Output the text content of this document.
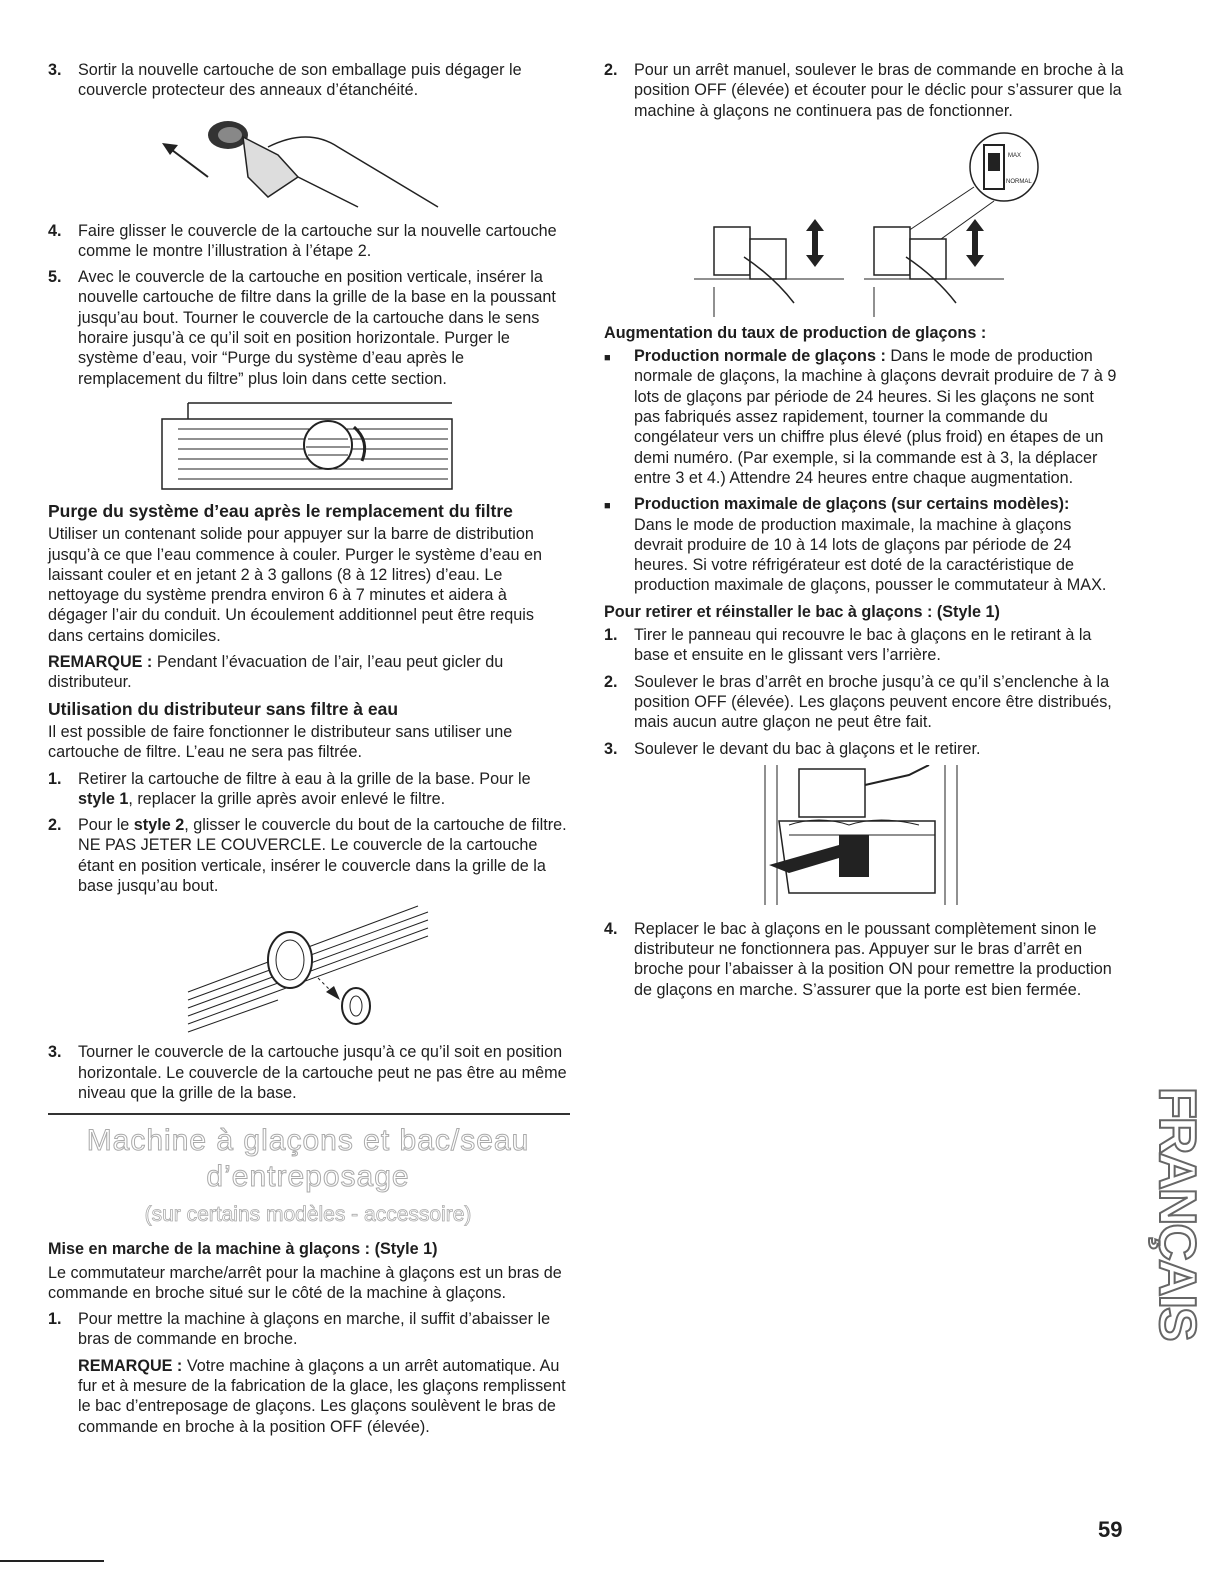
3.	Sortir la nouvelle cartouche de son emballage puis dégager le couvercle protecteur des anneaux d’étanchéité.
4.	Faire glisser le couvercle de la cartouche sur la nouvelle cartouche comme le montre l’illustration à l’étape 2.
5.	Avec le couvercle de la cartouche en position verticale, insérer la nouvelle cartouche de filtre dans la grille de la base en la poussant jusqu’au bout. Tourner le couvercle de la cartouche dans le sens horaire jusqu’à ce qu’il soit en position horizontale. Purger le système d’eau, voir “Purge du système d’eau après le remplacement du filtre” plus loin dans cette section.
Purge du système d’eau après le remplacement du filtre

Utiliser un contenant solide pour appuyer sur la barre de distribution jusqu’à ce que l’eau commence à couler. Purger le système d’eau en laissant couler et en jetant 2 à 3 gallons (8 à 12 litres) d’eau. Le nettoyage du système prendra environ 6 à 7 minutes et aidera à dégager l’air du conduit. Un écoulement additionnel peut être requis dans certains domiciles.

REMARQUE : Pendant l’évacuation de l’air, l’eau peut gicler du distributeur.

Utilisation du distributeur sans filtre à eau

Il est possible de faire fonctionner le distributeur sans utiliser une cartouche de filtre. L’eau ne sera pas filtrée.

1.	Retirer la cartouche de filtre à eau à la grille de la base. Pour le style 1, replacer la grille après avoir enlevé le filtre.
2.	Pour le style 2, glisser le couvercle du bout de la cartouche de filtre. NE PAS JETER LE COUVERCLE. Le couvercle de la cartouche étant en position verticale, insérer le couvercle dans la grille de la base jusqu’au bout.
3.	Tourner le couvercle de la cartouche jusqu’à ce qu’il soit en position horizontale. Le couvercle de la cartouche peut ne pas être au même niveau que la grille de la base.
Machine à glaçons et bac/seau
d’entreposage
(sur certains modèles - accessoire)
Mise en marche de la machine à glaçons : (Style 1)

Le commutateur marche/arrêt pour la machine à glaçons est un bras de commande en broche situé sur le côté de la machine à glaçons.

1.	Pour mettre la machine à glaçons en marche, il suffit d’abaisser le bras de commande en broche.
REMARQUE : Votre machine à glaçons a un arrêt automatique. Au fur et à mesure de la fabrication de la glace, les glaçons remplissent le bac d’entreposage de glaçons. Les glaçons soulèvent le bras de commande en broche à la position OFF (élevée).
2.	Pour un arrêt manuel, soulever le bras de commande en broche à la position OFF (élevée) et écouter pour le déclic pour s’assurer que la machine à glaçons ne continuera pas de fonctionner.
MAX
NORMAL
Augmentation du taux de production de glaçons :
■	Production normale de glaçons : Dans le mode de production normale de glaçons, la machine à glaçons devrait produire de 7 à 9 lots de glaçons par période de 24 heures. Si les glaçons ne sont pas fabriqués assez rapidement, tourner la commande du congélateur vers un chiffre plus élevé (plus froid) en étapes de un demi numéro. (Par exemple, si la commande est à 3, la déplacer entre 3 et 4.) Attendre 24 heures entre chaque augmentation.
■	Production maximale de glaçons (sur certains modèles):
Dans le mode de production maximale, la machine à glaçons devrait produire de 10 à 14 lots de glaçons par période de 24 heures. Si votre réfrigérateur est doté de la caractéristique de production maximale de glaçons, pousser le commutateur à MAX.
Pour retirer et réinstaller le bac à glaçons : (Style 1)
1.	Tirer le panneau qui recouvre le bac à glaçons en le retirant à la base et ensuite en le glissant vers l’arrière.
2.	Soulever le bras d’arrêt en broche jusqu’à ce qu’il s’enclenche à la position OFF (élevée). Les glaçons peuvent encore être distribués, mais aucun autre glaçon ne peut être fait.
3.	Soulever le devant du bac à glaçons et le retirer.
4.	Replacer le bac à glaçons en le poussant complètement sinon le distributeur ne fonctionnera pas. Appuyer sur le bras d’arrêt en broche pour l’abaisser à la position ON pour remettre la production de glaçons en marche. S’assurer que la porte est bien fermée.
FRANÇAIS
59
